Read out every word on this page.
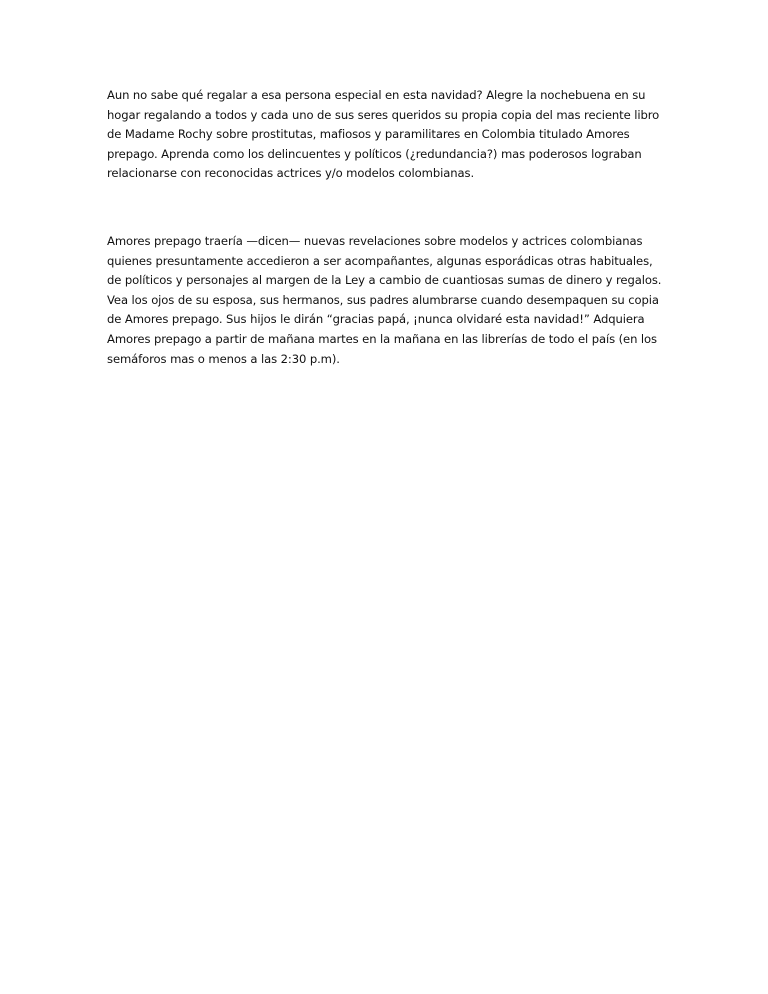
Aun no sabe qué regalar a esa persona especial en esta navidad? Alegre la nochebuena en su hogar regalando a todos y cada uno de sus seres queridos su propia copia del mas reciente libro de Madame Rochy sobre prostitutas, mafiosos y paramilitares en Colombia titulado Amores prepago. Aprenda como los delincuentes y políticos (¿redundancia?) mas poderosos lograban relacionarse con reconocidas actrices y/o modelos colombianas.

Amores prepago traería —dicen— nuevas revelaciones sobre modelos y actrices colombianas quienes presuntamente accedieron a ser acompañantes, algunas esporádicas otras habituales, de políticos y personajes al margen de la Ley a cambio de cuantiosas sumas de dinero y regalos. Vea los ojos de su esposa, sus hermanos, sus padres alumbrarse cuando desempaquen su copia de Amores prepago. Sus hijos le dirán “gracias papá, ¡nunca olvidaré esta navidad!” Adquiera Amores prepago a partir de mañana martes en la mañana en las librerías de todo el país (en los semáforos mas o menos a las 2:30 p.m).
